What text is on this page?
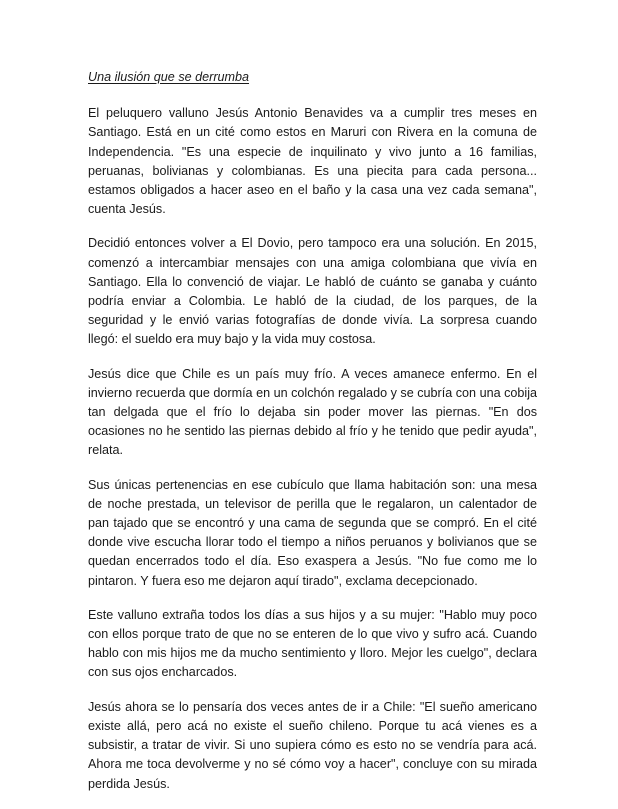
Una ilusión que se derrumba

El peluquero valluno Jesús Antonio Benavides va a cumplir tres meses en Santiago. Está en un cité como estos en Maruri con Rivera en la comuna de Independencia. "Es una especie de inquilinato y vivo junto a 16 familias, peruanas, bolivianas y colombianas. Es una piecita para cada persona... estamos obligados a hacer aseo en el baño y la casa una vez cada semana", cuenta Jesús.

Decidió entonces volver a El Dovio, pero tampoco era una solución. En 2015, comenzó a intercambiar mensajes con una amiga colombiana que vivía en Santiago. Ella lo convenció de viajar. Le habló de cuánto se ganaba y cuánto podría enviar a Colombia. Le habló de la ciudad, de los parques, de la seguridad y le envió varias fotografías de donde vivía. La sorpresa cuando llegó: el sueldo era muy bajo y la vida muy costosa.

Jesús dice que Chile es un país muy frío. A veces amanece enfermo. En el invierno recuerda que dormía en un colchón regalado y se cubría con una cobija tan delgada que el frío lo dejaba sin poder mover las piernas. "En dos ocasiones no he sentido las piernas debido al frío y he tenido que pedir ayuda", relata.

Sus únicas pertenencias en ese cubículo que llama habitación son: una mesa de noche prestada, un televisor de perilla que le regalaron, un calentador de pan tajado que se encontró y una cama de segunda que se compró. En el cité donde vive escucha llorar todo el tiempo a niños peruanos y bolivianos que se quedan encerrados todo el día. Eso exaspera a Jesús. "No fue como me lo pintaron. Y fuera eso me dejaron aquí tirado", exclama decepcionado.

Este valluno extraña todos los días a sus hijos y a su mujer: "Hablo muy poco con ellos porque trato de que no se enteren de lo que vivo y sufro acá. Cuando hablo con mis hijos me da mucho sentimiento y lloro. Mejor les cuelgo", declara con sus ojos encharcados.

Jesús ahora se lo pensaría dos veces antes de ir a Chile: "El sueño americano existe allá, pero acá no existe el sueño chileno. Porque tu acá vienes es a subsistir, a tratar de vivir. Si uno supiera cómo es esto no se vendría para acá. Ahora me toca devolverme y no sé cómo voy a hacer", concluye con su mirada perdida Jesús.
